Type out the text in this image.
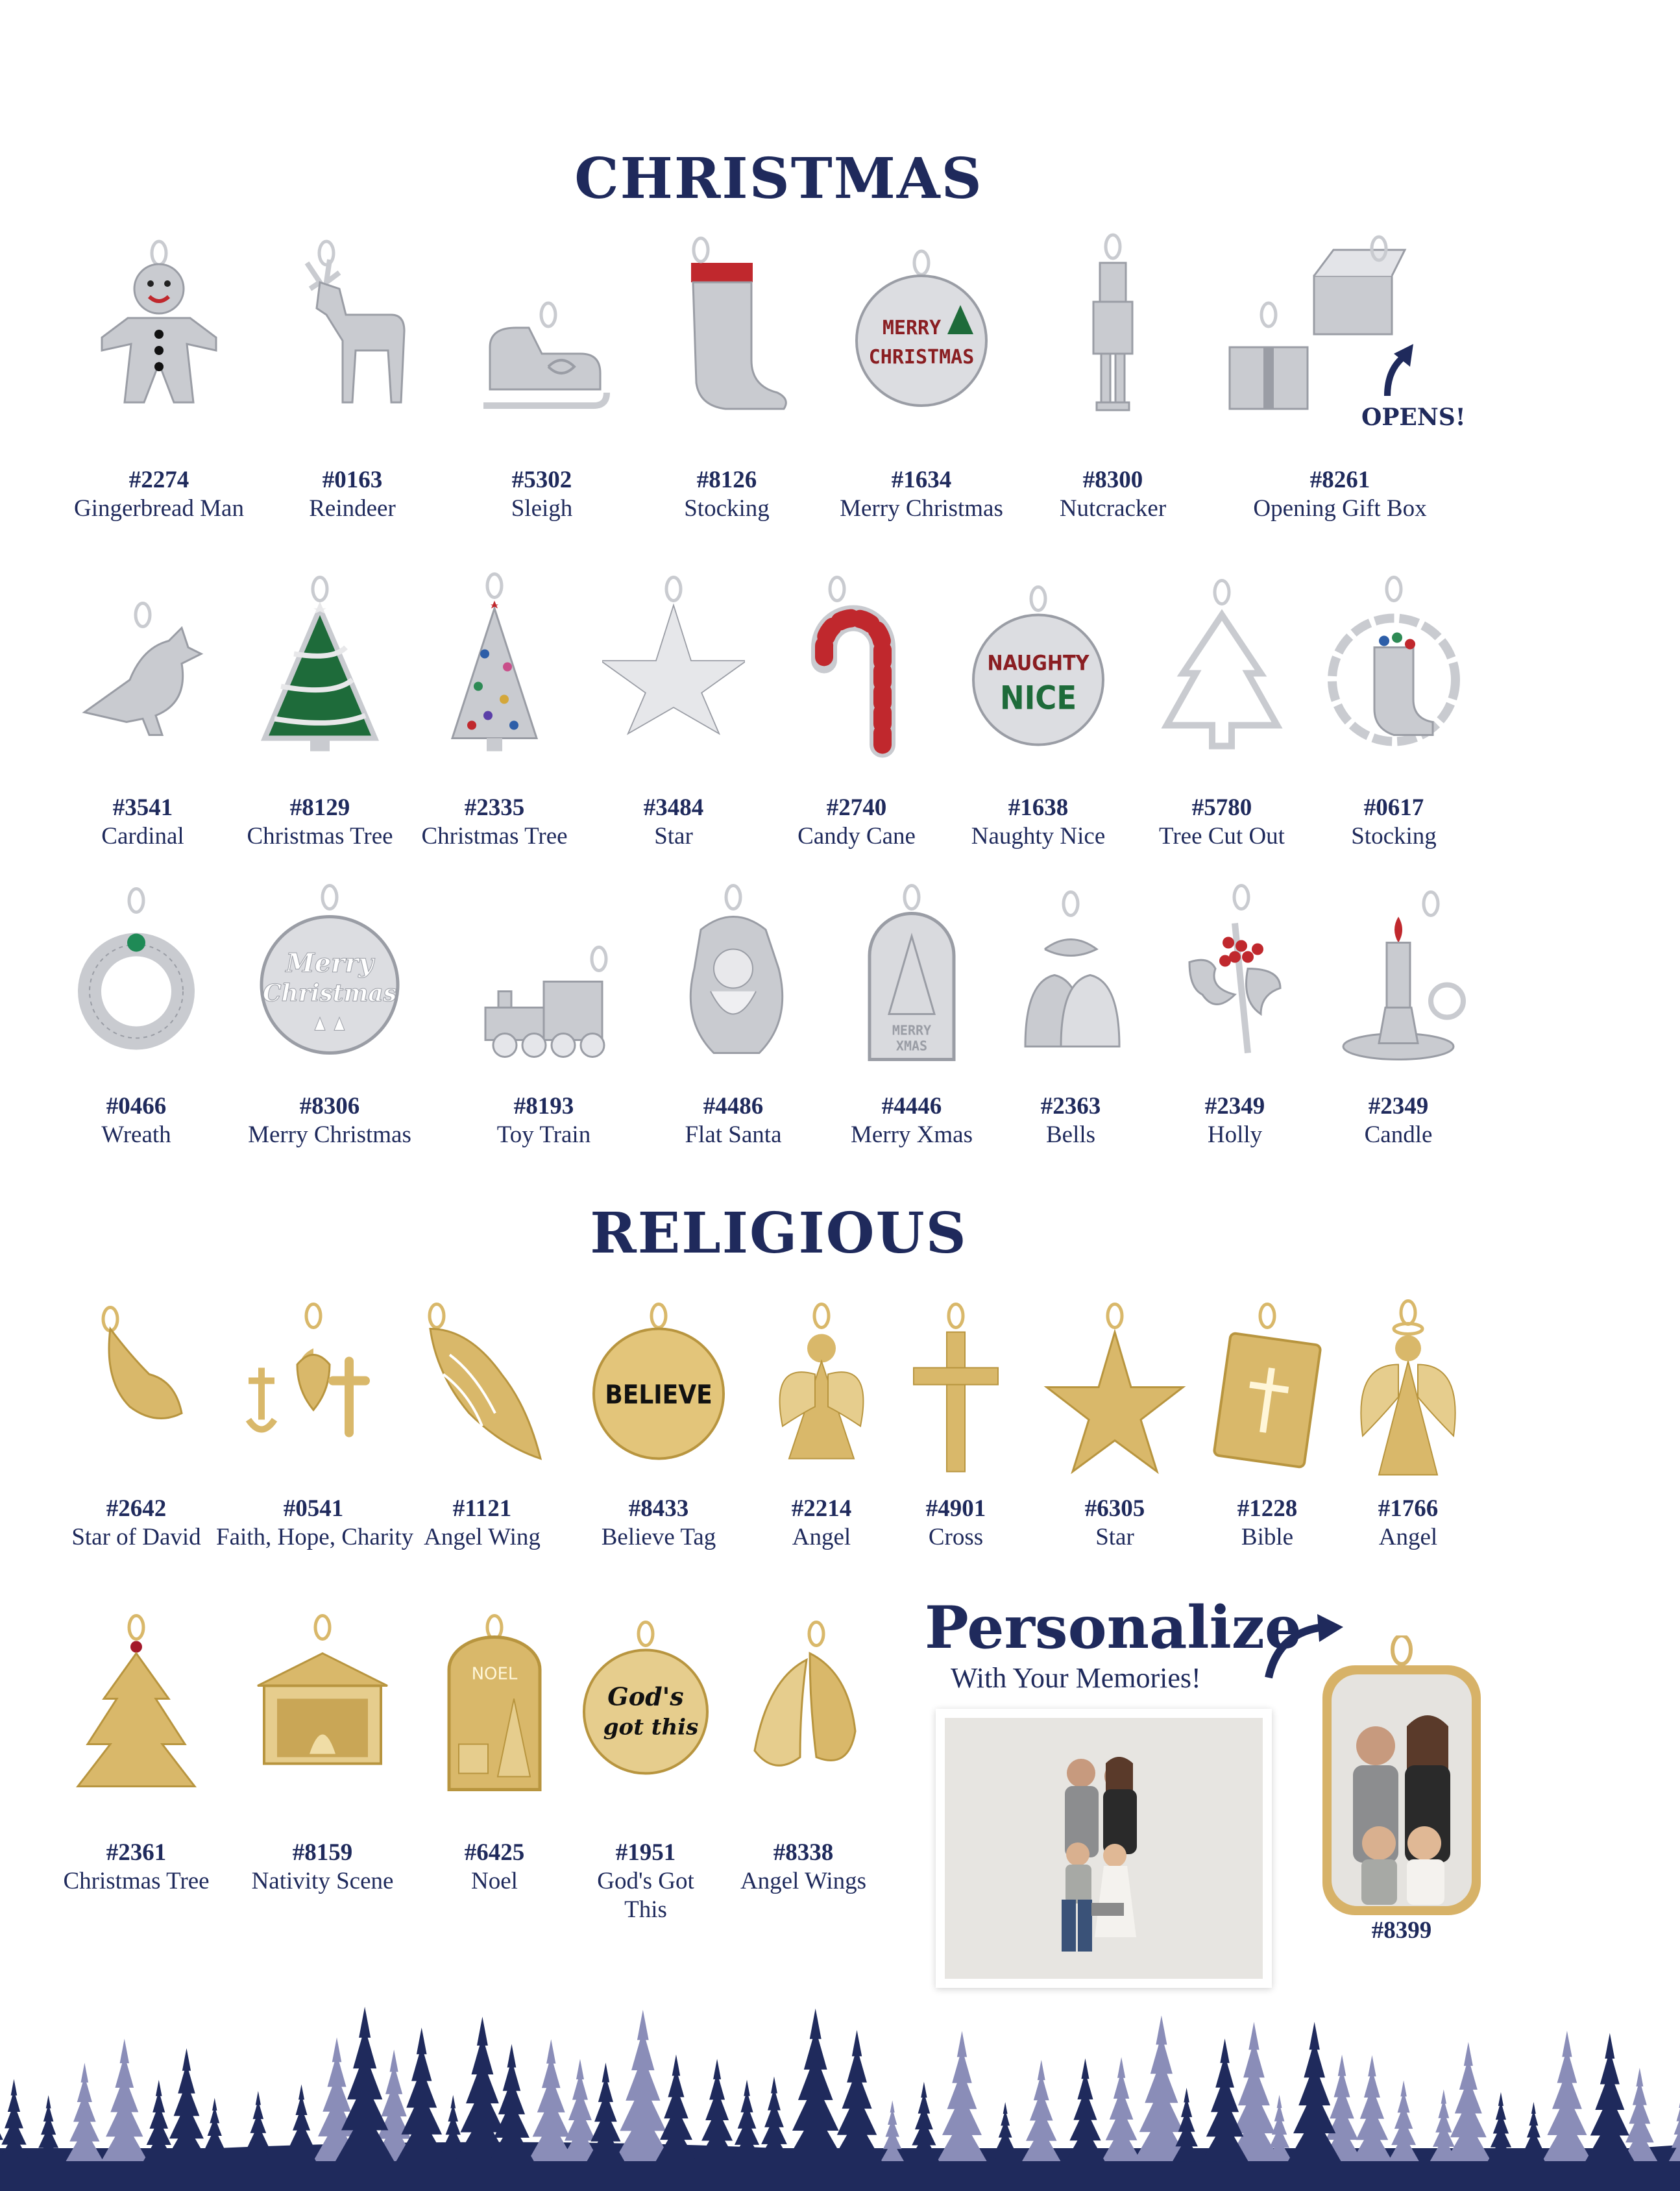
CHRISTMAS
OPENS!
#2274
Gingerbread Man
#0163
Reindeer
#5302
Sleigh
#8126
Stocking
MERRY
CHRISTMAS
#1634
Merry Christmas
#8300
Nutcracker
#8261
Opening Gift Box
#3541
Cardinal
#8129
Christmas Tree
#2335
Christmas Tree
#3484
Star
#2740
Candy Cane
NAUGHTY
NICE
#1638
Naughty Nice
#5780
Tree Cut Out
#0617
Stocking
#0466
Wreath
Merry
Christmas
#8306
Merry Christmas
#8193
Toy Train
#4486
Flat Santa
MERRY
XMAS
#4446
Merry Xmas
#2363
Bells
#2349
Holly
#2349
Candle
RELIGIOUS
#2642
Star of David
#0541
Faith, Hope, Charity
#1121
Angel Wing
BELIEVE
#8433
Believe Tag
#2214
Angel
#4901
Cross
#6305
Star
#1228
Bible
#1766
Angel
#2361
Christmas Tree
#8159
Nativity Scene
NOEL
#6425
Noel
God's
got this
#1951
God's Got This
#8338
Angel Wings
Personalize
With Your Memories!
#8399
